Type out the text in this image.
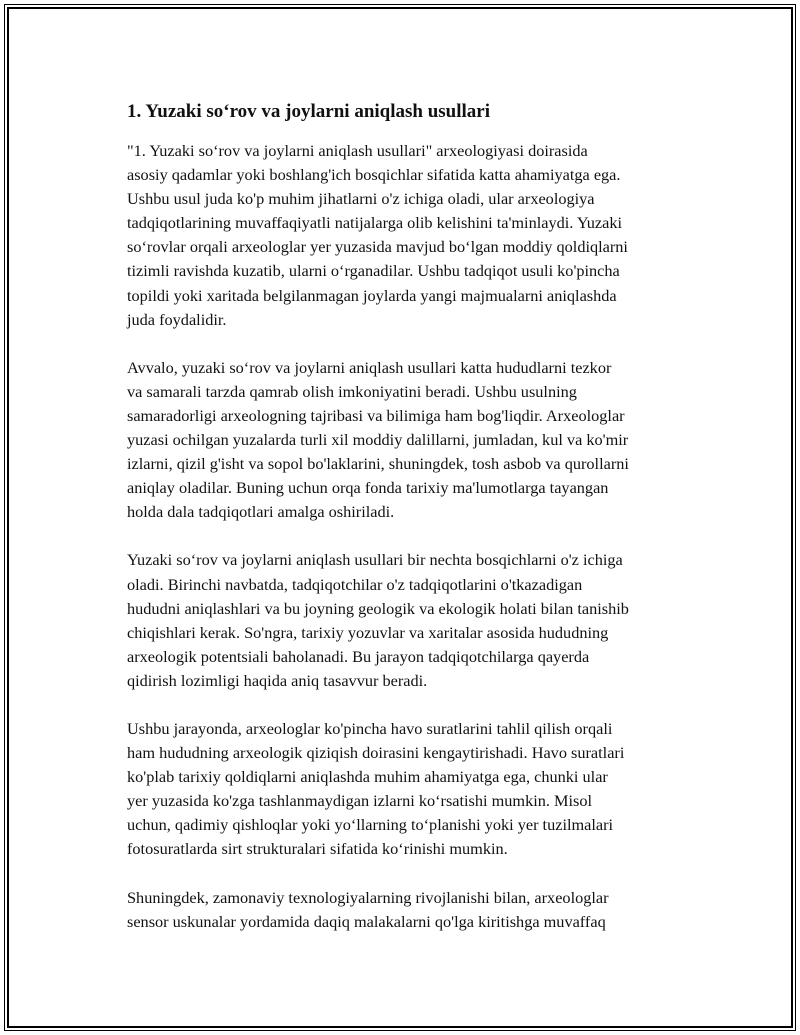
1. Yuzaki so‘rov va joylarni aniqlash usullari

"1. Yuzaki so‘rov va joylarni aniqlash usullari" arxeologiyasi doirasida
asosiy qadamlar yoki boshlang'ich bosqichlar sifatida katta ahamiyatga ega.
Ushbu usul juda ko'p muhim jihatlarni o'z ichiga oladi, ular arxeologiya
tadqiqotlarining muvaffaqiyatli natijalarga olib kelishini ta'minlaydi. Yuzaki
so‘rovlar orqali arxeologlar yer yuzasida mavjud bo‘lgan moddiy qoldiqlarni
tizimli ravishda kuzatib, ularni o‘rganadilar. Ushbu tadqiqot usuli ko'pincha
topildi yoki xaritada belgilanmagan joylarda yangi majmualarni aniqlashda
juda foydalidir.

Avvalo, yuzaki so‘rov va joylarni aniqlash usullari katta hududlarni tezkor
va samarali tarzda qamrab olish imkoniyatini beradi. Ushbu usulning
samaradorligi arxeologning tajribasi va bilimiga ham bog'liqdir. Arxeologlar
yuzasi ochilgan yuzalarda turli xil moddiy dalillarni, jumladan, kul va ko'mir
izlarni, qizil g'isht va sopol bo'laklarini, shuningdek, tosh asbob va qurollarni
aniqlay oladilar. Buning uchun orqa fonda tarixiy ma'lumotlarga tayangan
holda dala tadqiqotlari amalga oshiriladi.

Yuzaki so‘rov va joylarni aniqlash usullari bir nechta bosqichlarni o'z ichiga
oladi. Birinchi navbatda, tadqiqotchilar o'z tadqiqotlarini o'tkazadigan
hududni aniqlashlari va bu joyning geologik va ekologik holati bilan tanishib
chiqishlari kerak. So'ngra, tarixiy yozuvlar va xaritalar asosida hududning
arxeologik potentsiali baholanadi. Bu jarayon tadqiqotchilarga qayerda
qidirish lozimligi haqida aniq tasavvur beradi.

Ushbu jarayonda, arxeologlar ko'pincha havo suratlarini tahlil qilish orqali
ham hududning arxeologik qiziqish doirasini kengaytirishadi. Havo suratlari
ko'plab tarixiy qoldiqlarni aniqlashda muhim ahamiyatga ega, chunki ular
yer yuzasida ko'zga tashlanmaydigan izlarni ko‘rsatishi mumkin. Misol
uchun, qadimiy qishloqlar yoki yo‘llarning to‘planishi yoki yer tuzilmalari
fotosuratlarda sirt strukturalari sifatida ko‘rinishi mumkin.

Shuningdek, zamonaviy texnologiyalarning rivojlanishi bilan, arxeologlar
sensor uskunalar yordamida daqiq malakalarni qo'lga kiritishga muvaffaq
